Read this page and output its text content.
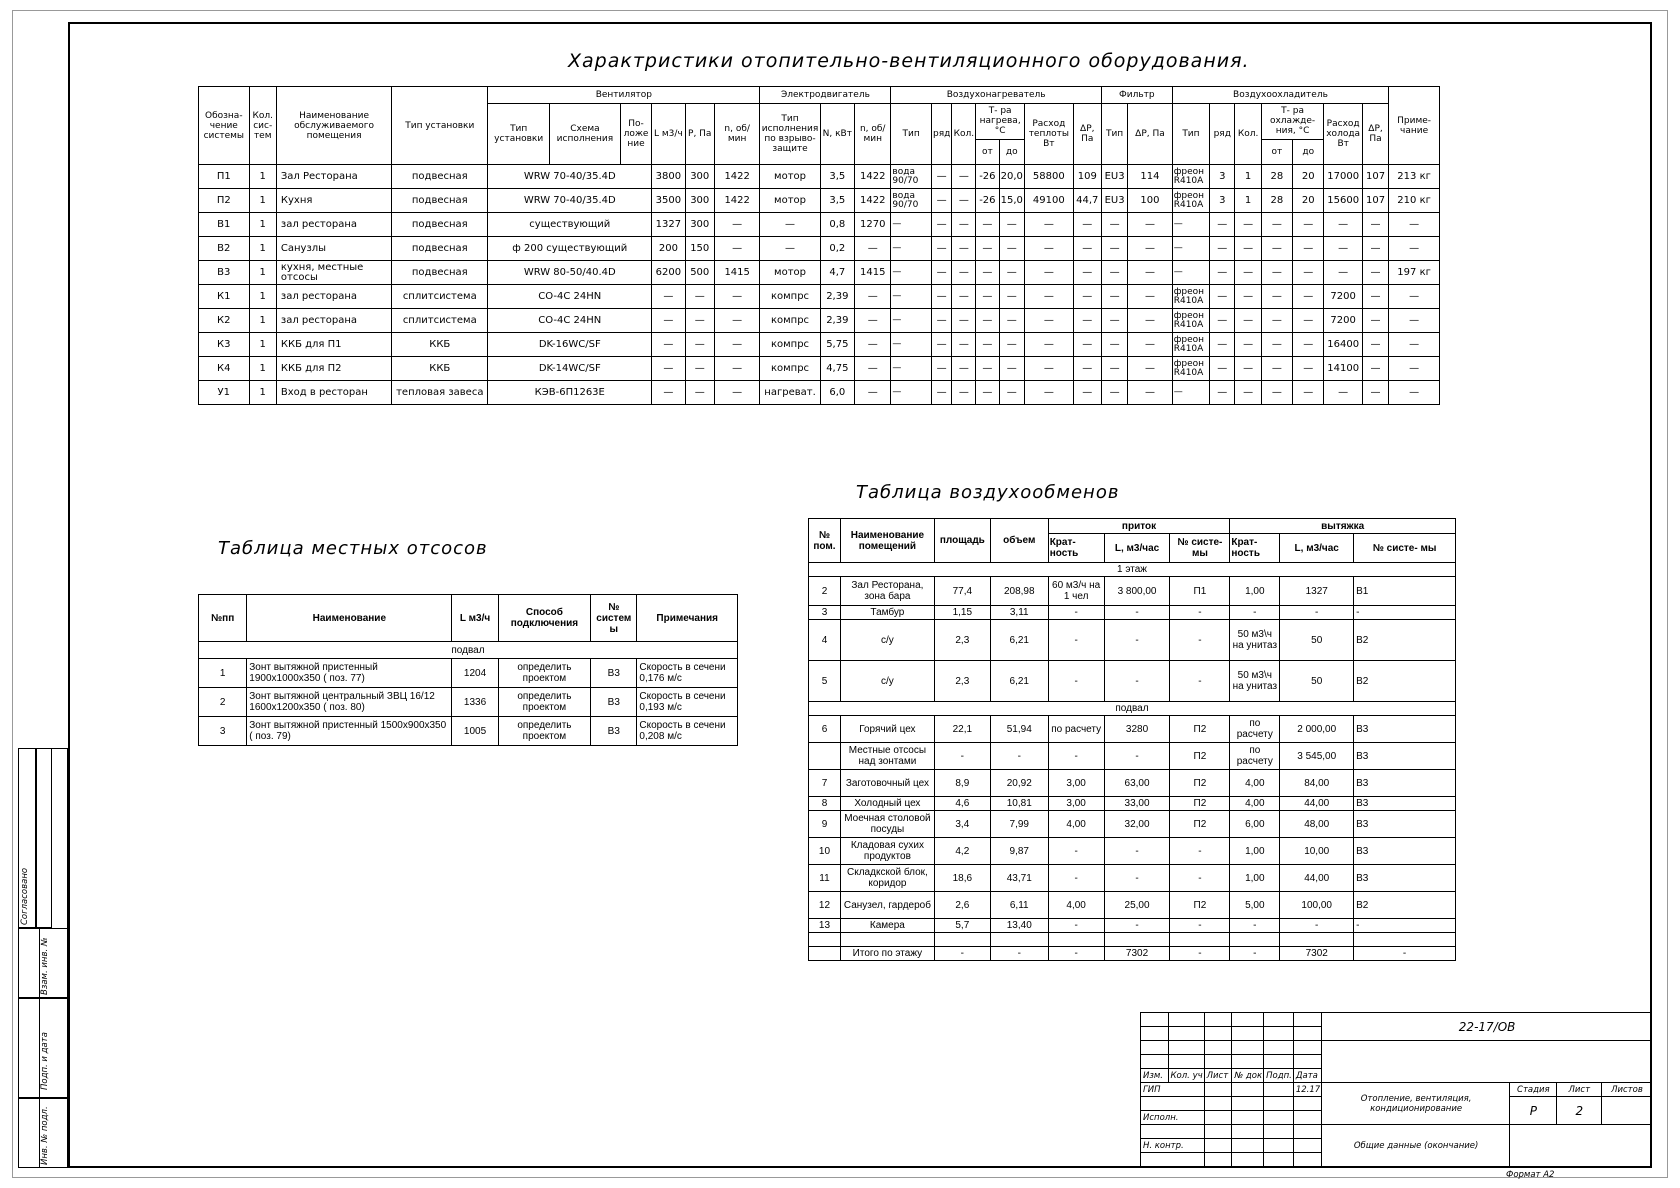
Согласовано
Взам. инв. №
Подп. и дата
Инв. № подл.
Характристики отопительно-вентиляционного оборудования.
Обозна- чение системы	Кол. сис- тем	Наименование обслуживаемого помещения	Тип установки	Вентилятор						Электродвигатель			Воздухонагреватель							Фильтр		Воздухоохладитель							Приме- чание
				Тип установки	Схема исполнения	По- ложе ние	L м3/ч	P, Па	n, об/мин	Тип исполнения по взрыво- защите	N, кВт	n, об/мин	Тип	ряд	Кол.	Т- ра нагрева, °С		Расход теплоты Вт	ΔP, Па	Тип	ΔP, Па	Тип	ряд	Кол.	Т- ра охлажде- ния, °С		Расход холода Вт	ΔP, Па	
																от	до								от	до			
П1	1	Зал Ресторана	подвесная	WRW 70-40/35.4D			3800	300	1422	мотор	3,5	1422	вода 90/70	—	—	-26	20,0	58800	109	EU3	114	фреон R410A	3	1	28	20	17000	107	213 кг
П2	1	Кухня	подвесная	WRW 70-40/35.4D			3500	300	1422	мотор	3,5	1422	вода 90/70	—	—	-26	15,0	49100	44,7	EU3	100	фреон R410A	3	1	28	20	15600	107	210 кг
В1	1	зал ресторана	подвесная	существующий			1327	300	—	—	0,8	1270	—	—	—	—	—	—	—	—	—	—	—	—	—	—	—	—	—
В2	1	Санузлы	подвесная	ф 200 существующий			200	150	—	—	0,2	—	—	—	—	—	—	—	—	—	—	—	—	—	—	—	—	—	—
В3	1	кухня, местные отсосы	подвесная	WRW 80-50/40.4D			6200	500	1415	мотор	4,7	1415	—	—	—	—	—	—	—	—	—	—	—	—	—	—	—	—	197 кг
К1	1	зал ресторана	сплитсистема	CO-4C 24HN			—	—	—	компрс	2,39	—	—	—	—	—	—	—	—	—	—	фреон R410A	—	—	—	—	7200	—	—
К2	1	зал ресторана	сплитсистема	CO-4C 24HN			—	—	—	компрс	2,39	—	—	—	—	—	—	—	—	—	—	фреон R410A	—	—	—	—	7200	—	—
К3	1	ККБ для П1	ККБ	DK-16WC/SF			—	—	—	компрс	5,75	—	—	—	—	—	—	—	—	—	—	фреон R410A	—	—	—	—	16400	—	—
К4	1	ККБ для П2	ККБ	DK-14WC/SF			—	—	—	компрс	4,75	—	—	—	—	—	—	—	—	—	—	фреон R410A	—	—	—	—	14100	—	—
У1	1	Вход в ресторан	тепловая завеса	КЭВ-6П1263Е			—	—	—	нагреват.	6,0	—	—	—	—	—	—	—	—	—	—	—	—	—	—	—	—	—	—
Таблица воздухообменов
№ пом.	Наименование помещений	площадь	объем	приток			вытяжка		
				Крат- ность	L, м3/час	№ систе- мы	Крат- ность	L, м3/час	№ систе- мы
1 этаж									
2	Зал Ресторана, зона бара	77,4	208,98	60 м3/ч на 1 чел	3 800,00	П1	1,00	1327	В1
3	Тамбур	1,15	3,11	-	-	-	-	-	-
4	с/у	2,3	6,21	-	-	-	50 м3\ч на унитаз	50	В2
5	с/у	2,3	6,21	-	-	-	50 м3\ч на унитаз	50	В2
подвал									
6	Горячий цех	22,1	51,94	по расчету	3280	П2	по расчету	2 000,00	В3
	Местные отсосы над зонтами	-	-	-	-	П2	по расчету	3 545,00	В3
7	Заготовочный цех	8,9	20,92	3,00	63,00	П2	4,00	84,00	В3
8	Холодный цех	4,6	10,81	3,00	33,00	П2	4,00	44,00	В3
9	Моечная столовой посуды	3,4	7,99	4,00	32,00	П2	6,00	48,00	В3
10	Кладовая сухих продуктов	4,2	9,87	-	-	-	1,00	10,00	В3
11	Складкской блок, коридор	18,6	43,71	-	-	-	1,00	44,00	В3
12	Санузел, гардероб	2,6	6,11	4,00	25,00	П2	5,00	100,00	В2
13	Камера	5,7	13,40	-	-	-	-	-	-

	Итого по этажу	-	-	-	7302	-	-	7302	-
Таблица местных отсосов
№пп	Наименование	L м3/ч	Способ подключения	№ систем ы	Примечания
подвал					
1	Зонт вытяжной пристенный 1900х1000х350 ( поз. 77)	1204	определить проектом	В3	Скорость в сечени 0,176 м/с
2	Зонт вытяжной центральный ЗВЦ 16/12 1600х1200х350 ( поз. 80)	1336	определить проектом	В3	Скорость в сечени 0,193 м/с
3	Зонт вытяжной пристенный 1500х900х350 ( поз. 79)	1005	определить проектом	В3	Скорость в сечени 0,208 м/с
						22-17/ОВ			

Изм.	Кол. уч	Лист	№ док	Подп.	Дата				
ГИП					12.17	Отопление, вентиляция, кондиционирование	Стадия	Лист	Листов
							Р	2	
Исполн.									
						Общие данные (окончание)			
Н. контр.									

Формат А2
